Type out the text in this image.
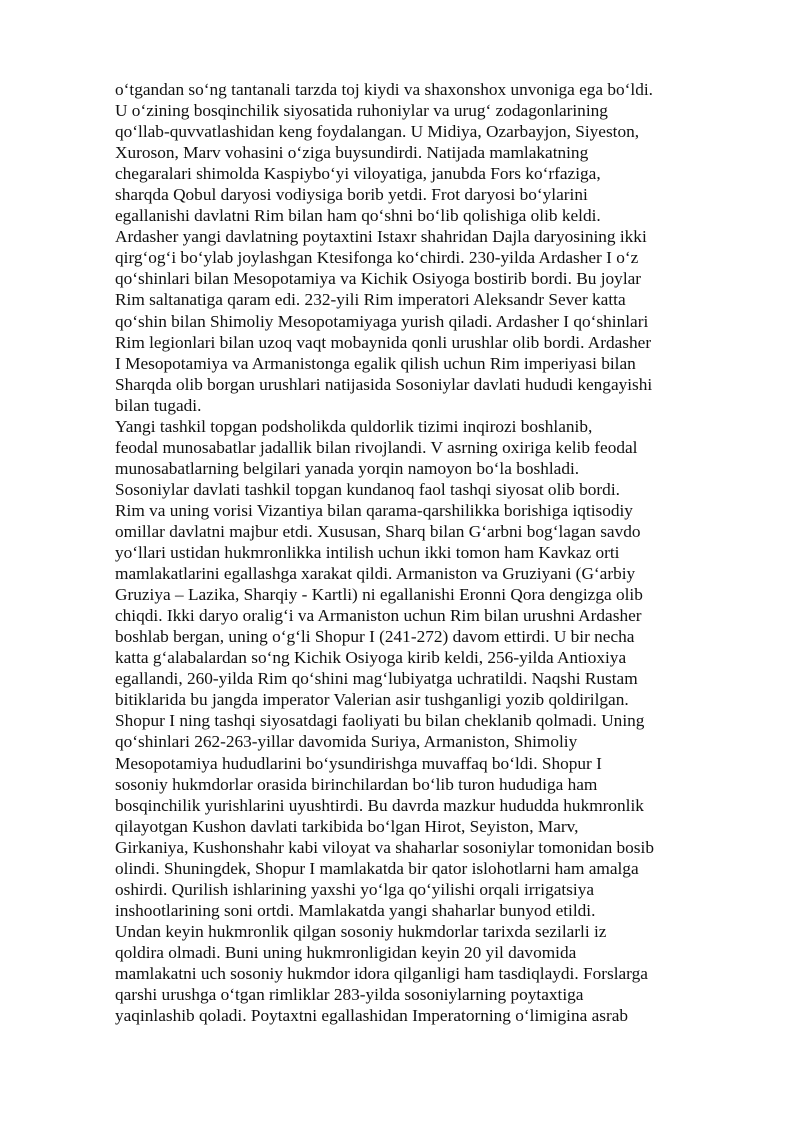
o‘tgandan so‘ng tantanali tarzda toj kiydi va shaxonshox unvoniga ega bo‘ldi.
U o‘zining bosqinchilik siyosatida ruhoniylar va urug‘ zodagonlarining
qo‘llab-quvvatlashidan keng foydalangan. U Midiya, Ozarbayjon, Siyeston,
Xuroson, Marv vohasini o‘ziga buysundirdi. Natijada mamlakatning
chegaralari shimolda Kaspiybo‘yi viloyatiga, janubda Fors ko‘rfaziga,
sharqda Qobul daryosi vodiysiga borib yetdi. Frot daryosi bo‘ylarini
egallanishi davlatni Rim bilan ham qo‘shni bo‘lib qolishiga olib keldi.
Ardasher yangi davlatning poytaxtini Istaxr shahridan Dajla daryosining ikki
qirg‘og‘i bo‘ylab joylashgan Ktesifonga ko‘chirdi. 230-yilda Ardasher I o‘z
qo‘shinlari bilan Mesopotamiya va Kichik Osiyoga bostirib bordi. Bu joylar
Rim saltanatiga qaram edi. 232-yili Rim imperatori Aleksandr Sever katta
qo‘shin bilan Shimoliy Mesopotamiyaga yurish qiladi. Ardasher I qo‘shinlari
Rim legionlari bilan uzoq vaqt mobaynida qonli urushlar olib bordi. Ardasher
I Mesopotamiya va Armanistonga egalik qilish uchun Rim imperiyasi bilan
Sharqda olib borgan urushlari natijasida Sosoniylar davlati hududi kengayishi
bilan tugadi.
Yangi tashkil topgan podsholikda quldorlik tizimi inqirozi boshlanib,
feodal munosabatlar jadallik bilan rivojlandi. V asrning oxiriga kelib feodal
munosabatlarning belgilari yanada yorqin namoyon bo‘la boshladi.
Sosoniylar davlati tashkil topgan kundanoq faol tashqi siyosat olib bordi.
Rim va uning vorisi Vizantiya bilan qarama-qarshilikka borishiga iqtisodiy
omillar davlatni majbur etdi. Xususan, Sharq bilan G‘arbni bog‘lagan savdo
yo‘llari ustidan hukmronlikka intilish uchun ikki tomon ham Kavkaz orti
mamlakatlarini egallashga xarakat qildi. Armaniston va Gruziyani (G‘arbiy
Gruziya – Lazika, Sharqiy - Kartli) ni egallanishi Eronni Qora dengizga olib
chiqdi. Ikki daryo oralig‘i va Armaniston uchun Rim bilan urushni Ardasher
boshlab bergan, uning o‘g‘li Shopur I (241-272) davom ettirdi. U bir necha
katta g‘alabalardan so‘ng Kichik Osiyoga kirib keldi, 256-yilda Antioxiya
egallandi, 260-yilda Rim qo‘shini mag‘lubiyatga uchratildi. Naqshi Rustam
bitiklarida bu jangda imperator Valerian asir tushganligi yozib qoldirilgan.
Shopur I ning tashqi siyosatdagi faoliyati bu bilan cheklanib qolmadi. Uning
qo‘shinlari 262-263-yillar davomida Suriya, Armaniston, Shimoliy
Mesopotamiya hududlarini bo‘ysundirishga muvaffaq bo‘ldi. Shopur I
sosoniy hukmdorlar orasida birinchilardan bo‘lib turon hududiga ham
bosqinchilik yurishlarini uyushtirdi. Bu davrda mazkur hududda hukmronlik
qilayotgan Kushon davlati tarkibida bo‘lgan Hirot, Seyiston, Marv,
Girkaniya, Kushonshahr kabi viloyat va shaharlar sosoniylar tomonidan bosib
olindi. Shuningdek, Shopur I mamlakatda bir qator islohotlarni ham amalga
oshirdi. Qurilish ishlarining yaxshi yo‘lga qo‘yilishi orqali irrigatsiya
inshootlarining soni ortdi. Mamlakatda yangi shaharlar bunyod etildi.
Undan keyin hukmronlik qilgan sosoniy hukmdorlar tarixda sezilarli iz
qoldira olmadi. Buni uning hukmronligidan keyin 20 yil davomida
mamlakatni uch sosoniy hukmdor idora qilganligi ham tasdiqlaydi. Forslarga
qarshi urushga o‘tgan rimliklar 283-yilda sosoniylarning poytaxtiga
yaqinlashib qoladi. Poytaxtni egallashidan Imperatorning o‘limigina asrab
